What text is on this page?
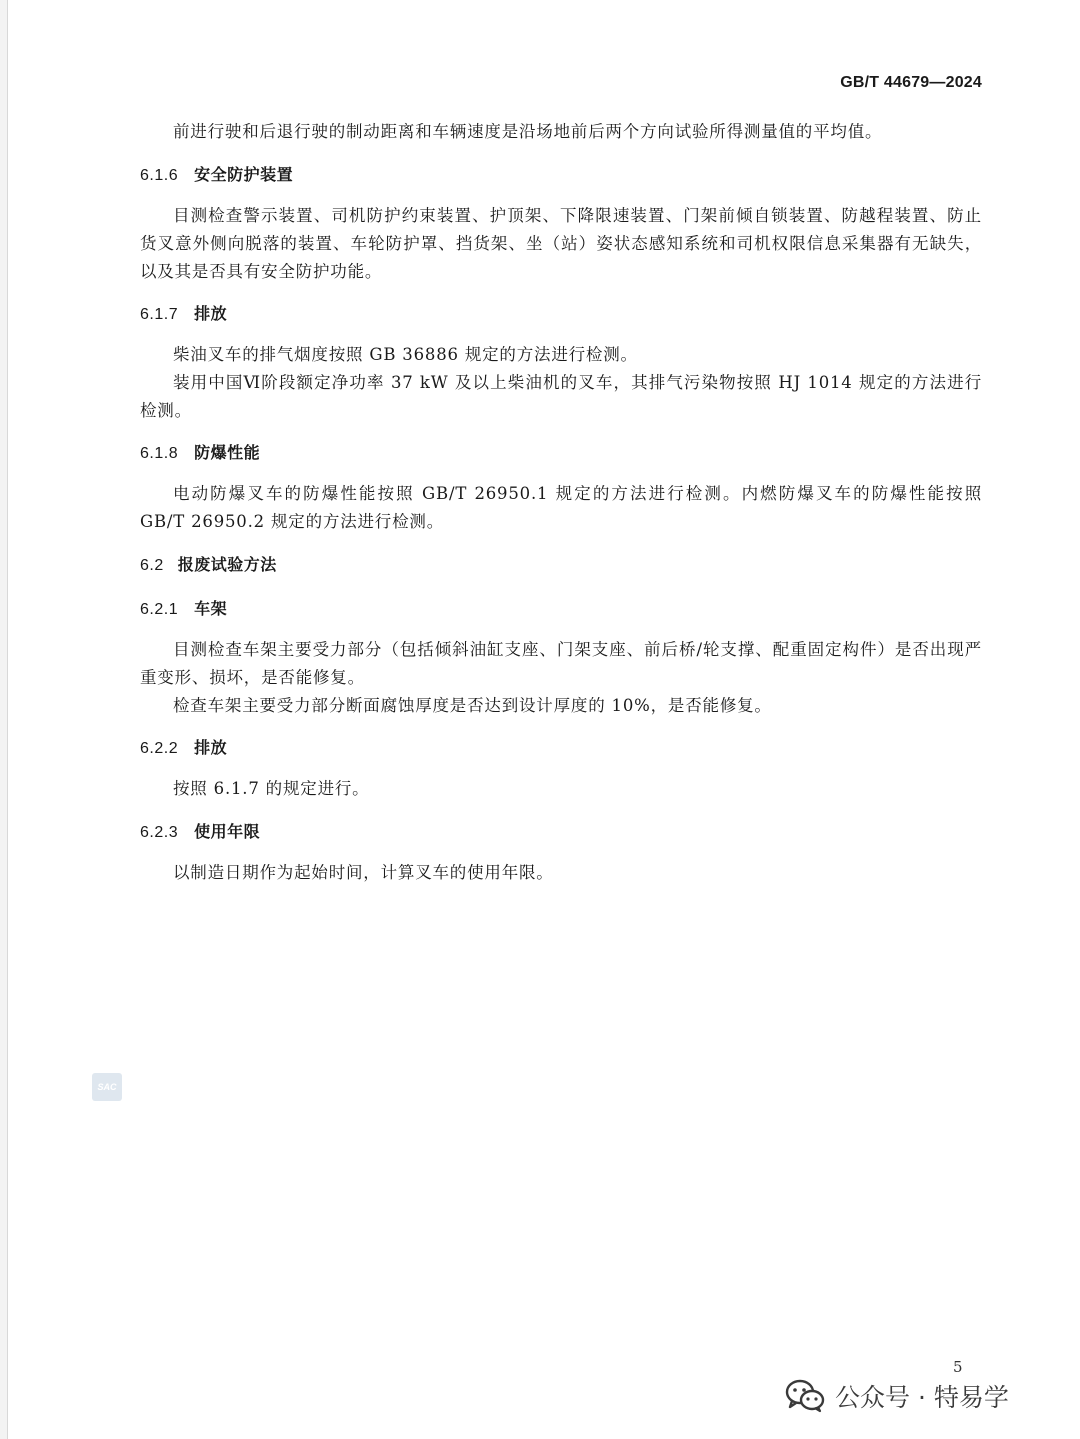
GB/T 44679—2024
前进行驶和后退行驶的制动距离和车辆速度是沿场地前后两个方向试验所得测量值的平均值。
6.1.6 安全防护装置
目测检查警示装置、司机防护约束装置、护顶架、下降限速装置、门架前倾自锁装置、防越程装置、防止货叉意外侧向脱落的装置、车轮防护罩、挡货架、坐（站）姿状态感知系统和司机权限信息采集器有无缺失，以及其是否具有安全防护功能。
6.1.7 排放
柴油叉车的排气烟度按照 GB 36886 规定的方法进行检测。
装用中国Ⅵ阶段额定净功率 37 kW 及以上柴油机的叉车，其排气污染物按照 HJ 1014 规定的方法进行检测。
6.1.8 防爆性能
电动防爆叉车的防爆性能按照 GB/T 26950.1 规定的方法进行检测。内燃防爆叉车的防爆性能按照 GB/T 26950.2 规定的方法进行检测。
6.2 报废试验方法
6.2.1 车架
目测检查车架主要受力部分（包括倾斜油缸支座、门架支座、前后桥/轮支撑、配重固定构件）是否出现严重变形、损坏，是否能修复。
检查车架主要受力部分断面腐蚀厚度是否达到设计厚度的 10%，是否能修复。
6.2.2 排放
按照 6.1.7 的规定进行。
6.2.3 使用年限
以制造日期作为起始时间，计算叉车的使用年限。
SAC
5
公众号 · 特易学
